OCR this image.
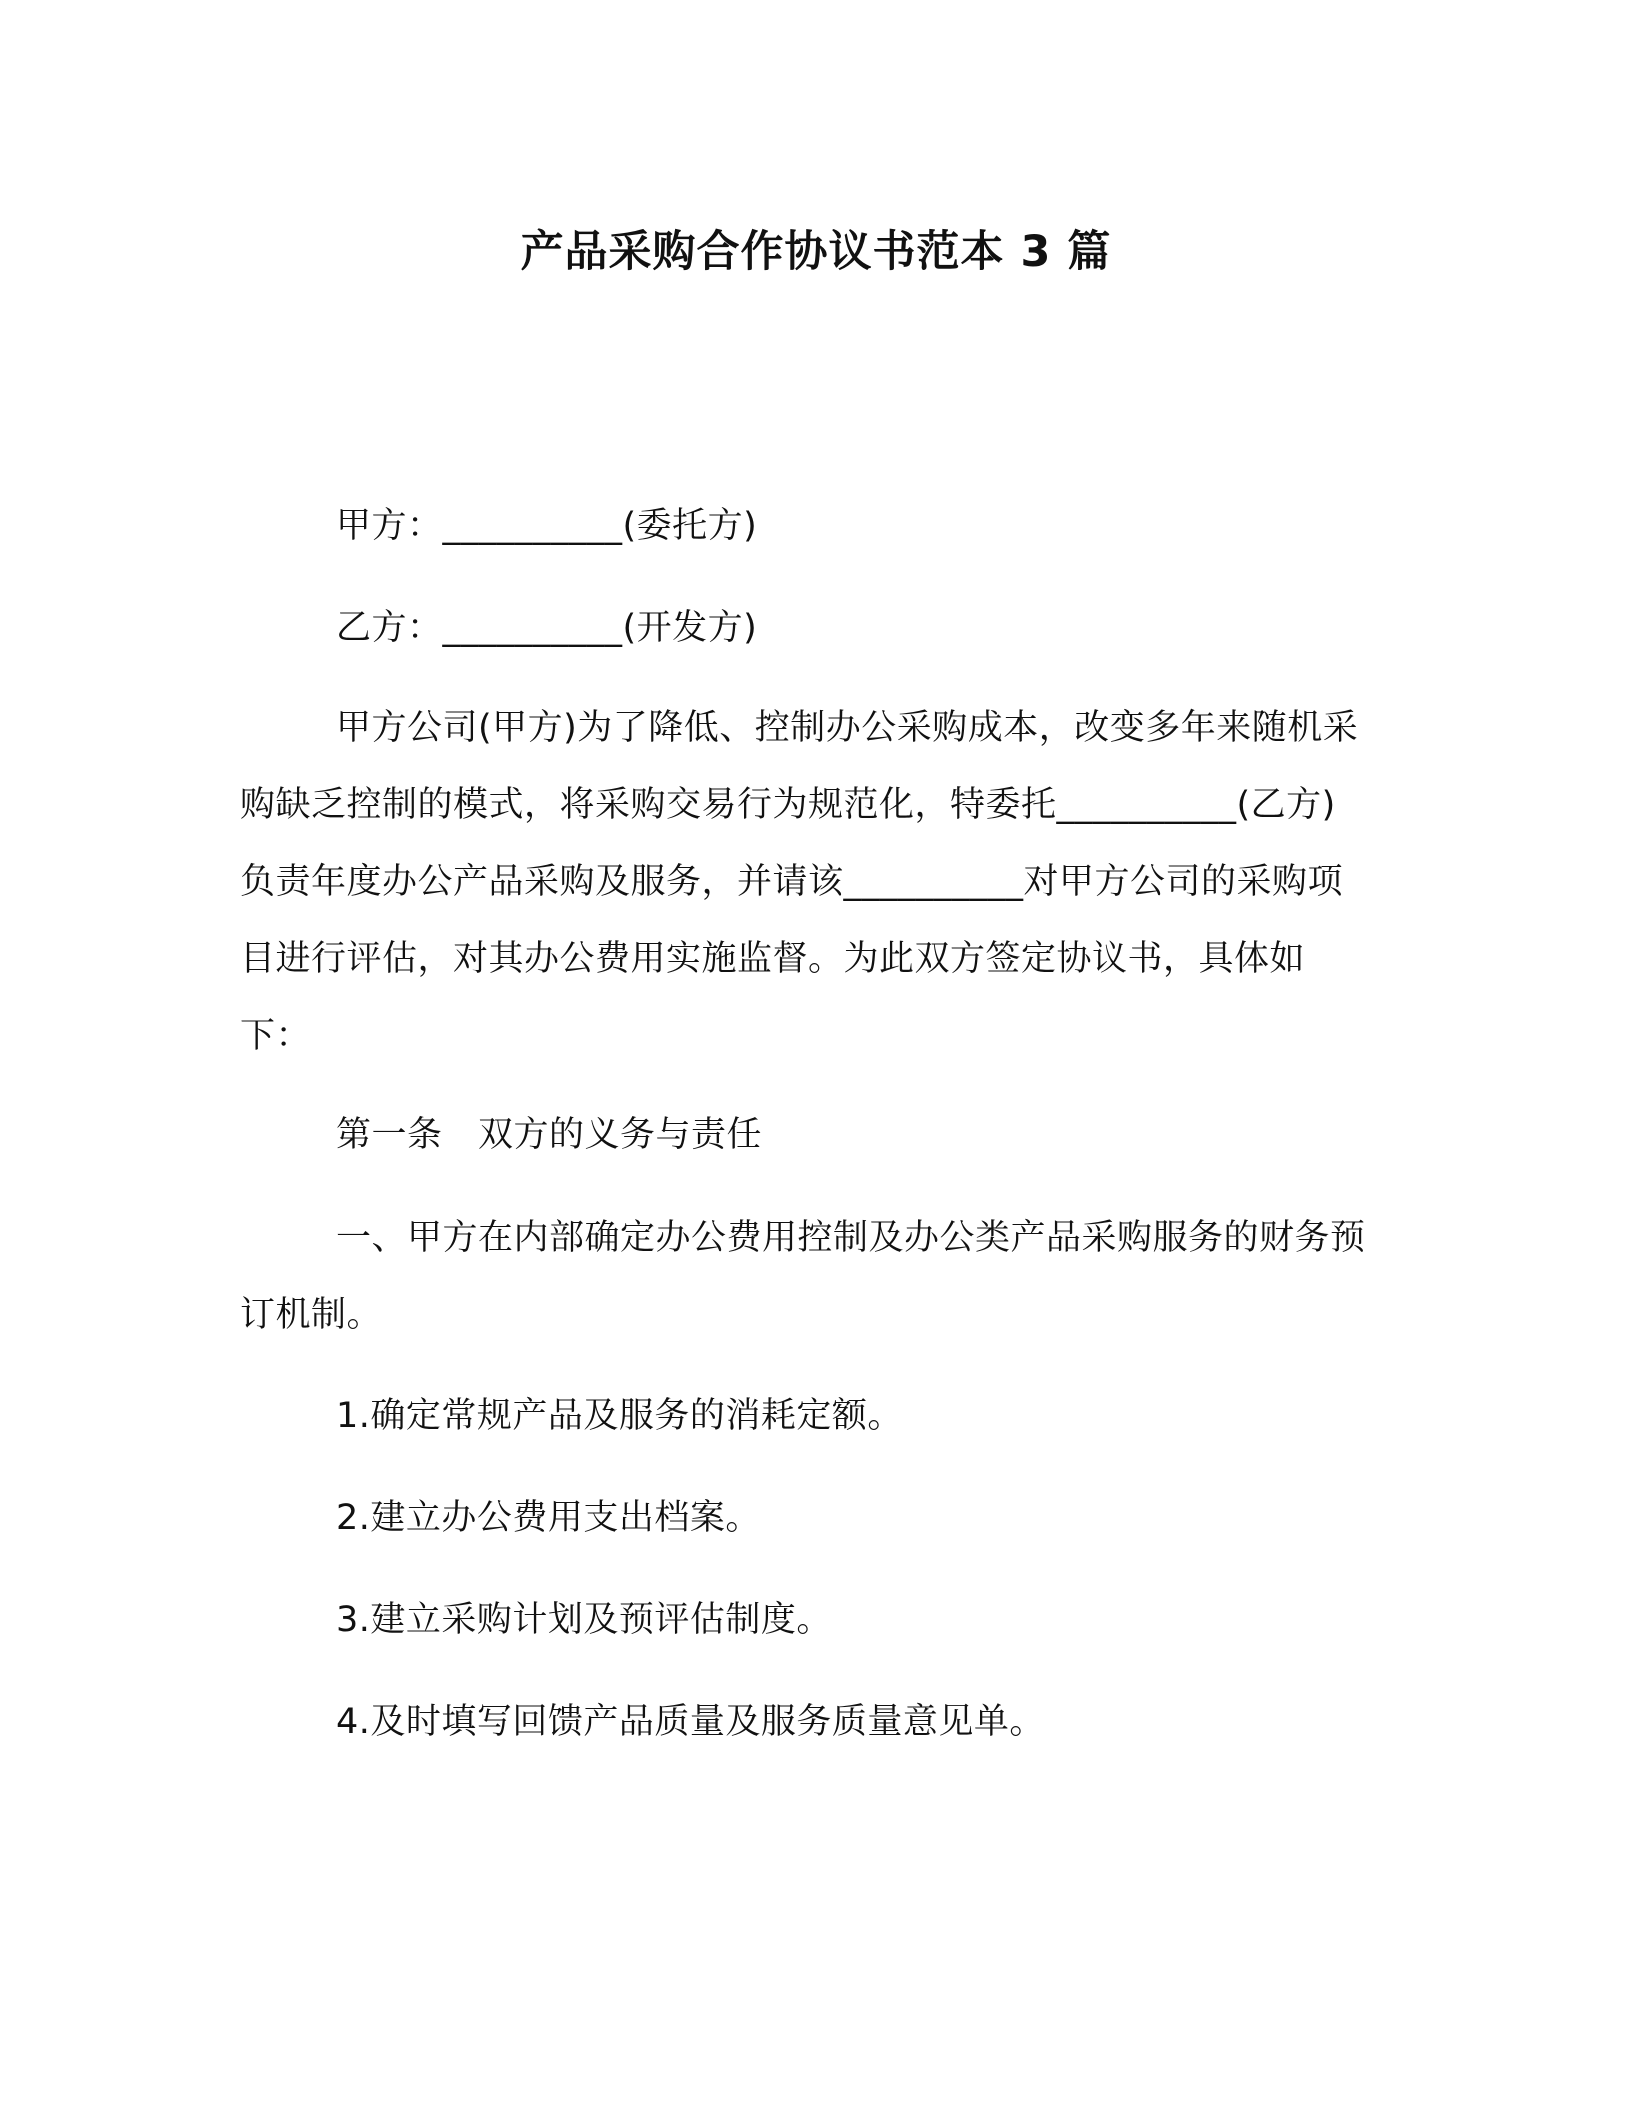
产品采购合作协议书范本 3 篇

甲方：__________(委托方)

乙方：__________(开发方)

甲方公司(甲方)为了降低、控制办公采购成本，改变多年来随机采购缺乏控制的模式，将采购交易行为规范化，特委托__________(乙方)负责年度办公产品采购及服务，并请该__________对甲方公司的采购项目进行评估，对其办公费用实施监督。为此双方签定协议书，具体如下：

第一条　双方的义务与责任

一、甲方在内部确定办公费用控制及办公类产品采购服务的财务预订机制。

1.确定常规产品及服务的消耗定额。

2.建立办公费用支出档案。

3.建立采购计划及预评估制度。

4.及时填写回馈产品质量及服务质量意见单。
